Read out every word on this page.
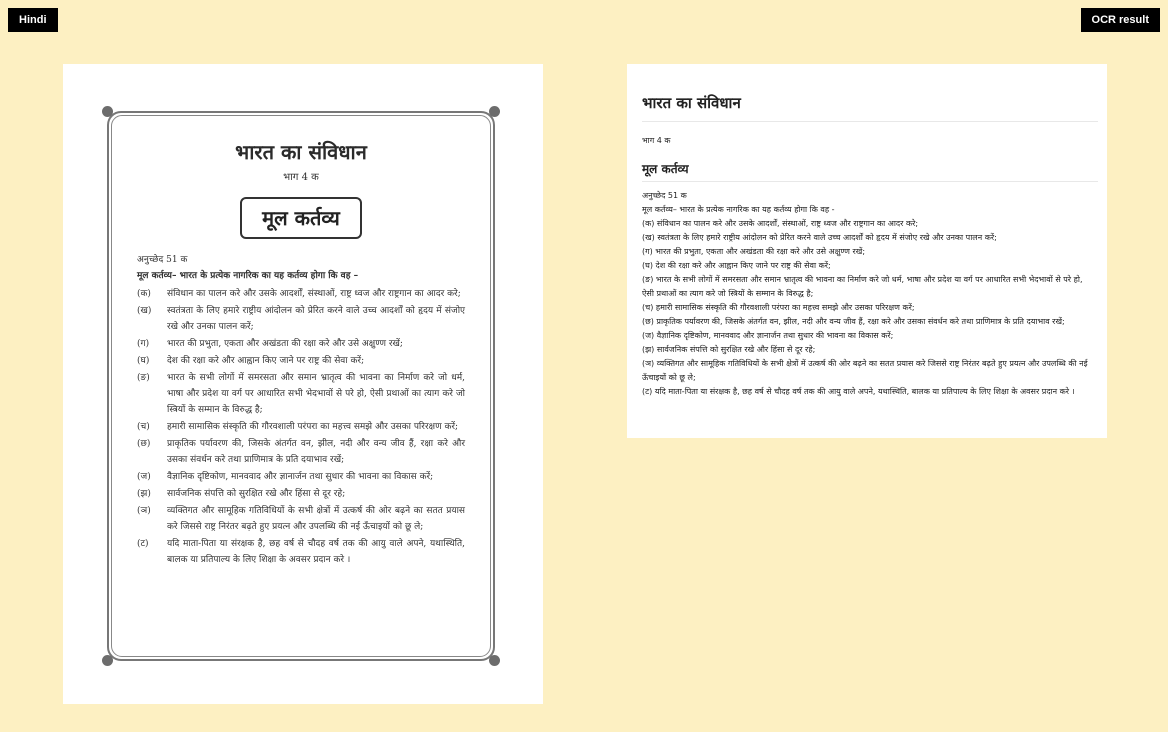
Hindi	OCR result
भारत का संविधान
भाग 4 क
मूल कर्तव्य
अनुच्छेद 51 क
मूल कर्तव्य– भारत के प्रत्येक नागरिक का यह कर्तव्य होगा कि वह –
(क)	संविधान का पालन करे और उसके आदर्शों, संस्थाओं, राष्ट्र ध्वज और राष्ट्रगान का आदर करे;
(ख)	स्वतंत्रता के लिए हमारे राष्ट्रीय आंदोलन को प्रेरित करने वाले उच्च आदर्शों को हृदय में संजोए रखे और उनका पालन करें;
(ग)	भारत की प्रभुता, एकता और अखंडता की रक्षा करे और उसे अक्षुण्ण रखें;
(घ)	देश की रक्षा करे और आह्वान किए जाने पर राष्ट्र की सेवा करें;
(ङ)	भारत के सभी लोगों में समरसता और समान भ्रातृत्व की भावना का निर्माण करे जो धर्म, भाषा और प्रदेश या वर्ग पर आधारित सभी भेदभावों से परे हो, ऐसी प्रथाओं का त्याग करे जो स्त्रियों के सम्मान के विरुद्ध है;
(च)	हमारी सामासिक संस्कृति की गौरवशाली परंपरा का महत्त्व समझे और उसका परिरक्षण करें;
(छ)	प्राकृतिक पर्यावरण की, जिसके अंतर्गत वन, झील, नदी और वन्य जीव हैं, रक्षा करे और उसका संवर्धन करे तथा प्राणिमात्र के प्रति दयाभाव रखें;
(ज)	वैज्ञानिक दृष्टिकोण, मानववाद और ज्ञानार्जन तथा सुधार की भावना का विकास करें;
(झ)	सार्वजनिक संपत्ति को सुरक्षित रखे और हिंसा से दूर रहे;
(ञ)	व्यक्तिगत और सामूहिक गतिविधियों के सभी क्षेत्रों में उत्कर्ष की ओर बढ़ने का सतत प्रयास करे जिससे राष्ट्र निरंतर बढ़ते हुए प्रयत्न और उपलब्धि की नई ऊँचाइयों को छू ले;
(ट)	यदि माता-पिता या संरक्षक है, छह वर्ष से चौदह वर्ष तक की आयु वाले अपने, यथास्थिति, बालक या प्रतिपाल्य के लिए शिक्षा के अवसर प्रदान करे ।
भारत का संविधान
भाग 4 क
मूल कर्तव्य
अनुच्छेद 51 क
मूल कर्तव्य– भारत के प्रत्येक नागरिक का यह कर्तव्य होगा कि वह -
(क) संविधान का पालन करे और उसके आदर्शों, संस्थाओं, राष्ट्र ध्वज और राष्ट्रगान का आदर करे;
(ख) स्वतंत्रता के लिए हमारे राष्ट्रीय आंदोलन को प्रेरित करने वाले उच्च आदर्शों को हृदय में संजोए रखे और उनका पालन करें;
(ग) भारत की प्रभुता, एकता और अखंडता की रक्षा करे और उसे अक्षुण्ण रखें;
(घ) देश की रक्षा करे और आह्वान किए जाने पर राष्ट्र की सेवा करें;
(ङ) भारत के सभी लोगों में समरसता और समान भ्रातृत्व की भावना का निर्माण करे जो धर्म, भाषा और प्रदेश या वर्ग पर आधारित सभी भेदभावों से परे हो, ऐसी प्रथाओं का त्याग करे जो स्त्रियों के सम्मान के विरुद्ध है;
(च) हमारी सामासिक संस्कृति की गौरवशाली परंपरा का महत्त्व समझे और उसका परिरक्षण करें;
(छ) प्राकृतिक पर्यावरण की, जिसके अंतर्गत वन, झील, नदी और वन्य जीव हैं, रक्षा करे और उसका संवर्धन करे तथा प्राणिमात्र के प्रति दयाभाव रखें;
(ज) वैज्ञानिक दृष्टिकोण, मानववाद और ज्ञानार्जन तथा सुधार की भावना का विकास करें;
(झ) सार्वजनिक संपत्ति को सुरक्षित रखे और हिंसा से दूर रहे;
(ञ) व्यक्तिगत और सामूहिक गतिविधियों के सभी क्षेत्रों में उत्कर्ष की ओर बढ़ने का सतत प्रयास करे जिससे राष्ट्र निरंतर बढ़ते हुए प्रयत्न और उपलब्धि की नई ऊँचाइयों को छू ले;
(ट) यदि माता-पिता या संरक्षक है, छह वर्ष से चौदह वर्ष तक की आयु वाले अपने, यथास्थिति, बालक या प्रतिपाल्य के लिए शिक्षा के अवसर प्रदान करे ।
